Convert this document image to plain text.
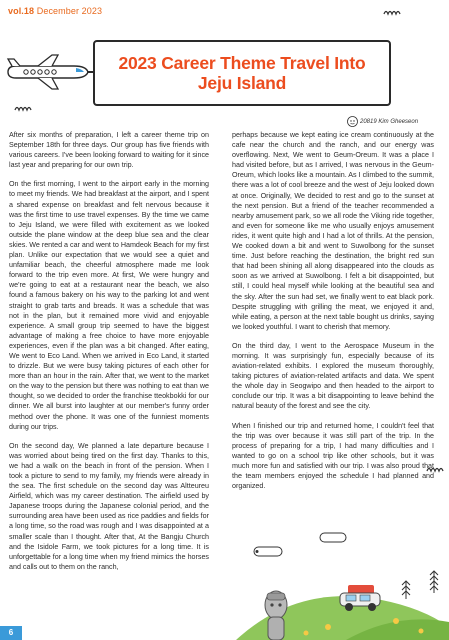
vol.18 December 2023
2023 Career Theme Travel Into
Jeju Island
20819 Kim Gheeseon

After six months of preparation, I left a career theme trip on September 18th for three days. Our group has five friends with various careers. I've been looking forward to waiting for it since last year and preparing for our own trip.

On the first morning, I went to the airport early in the morning to meet my friends. We had breakfast at the airport, and I spent a shared expense on breakfast and felt nervous because it was the first time to use travel expenses. By the time we came to Jeju Island, we were filled with excitement as we looked outside the plane window at the deep blue sea and the clear skies. We rented a car and went to Hamdeok Beach for my first plan. Unlike our expectation that we would see a quiet and unfamiliar beach, the cheerful atmosphere made me look forward to the trip even more. At first, We were hungry and we're going to eat at a restaurant near the beach, we also found a famous bakery on his way to the parking lot and went straight to grab tarts and breads. It was a schedule that was not in the plan, but it remained more vivid and enjoyable experience. A small group trip seemed to have the biggest advantage of making a free choice to have more enjoyable experiences, even if the plan was a bit changed. After eating, We went to Eco Land. When we arrived in Eco Land, it started to drizzle. But we were busy taking pictures of each other for more than an hour in the rain. After that, we went to the market on the way to the pension but there was nothing to eat than we thought, so we decided to order the franchise tteokbokki for our dinner. We all burst into laughter at our member's funny order method over the phone. It was one of the funniest moments during our trips.

On the second day, We planned a late departure because I was worried about being tired on the first day. Thanks to this, we had a walk on the beach in front of the pension. When I took a picture to send to my family, my friends were already in the sea. The first schedule on the second day was Altteureu Airfield, which was my career destination. The airfield used by Japanese troops during the Japanese colonial period, and the surrounding area have been used as rice paddies and fields for a long time, so the road was rough and I was disappointed at a smaller scale than I thought. After that, At the Bangju Church and the Isidole Farm, we took pictures for a long time. It is unforgettable for a long time when my friend mimics the horses and calls out to them on the ranch,

perhaps because we kept eating ice cream continuously at the cafe near the church and the ranch, and our energy was overflowing. Next, We went to Geum-Oreum. It was a place I had visited before, but as I arrived, I was nervous in the Geum-Oreum, which looks like a mountain. As I climbed to the summit, there was a lot of cool breeze and the west of Jeju looked down at once. Originally, We decided to rest and go to the sunset at the next pension. But a friend of the teacher recommended a nearby amusement park, so we all rode the Viking ride together, and even for someone like me who usually enjoys amusement rides, it went quite high and I had a lot of thrills. At the pension, We cooked down a bit and went to Suwolbong for the sunset time. Just before reaching the destination, the bright red sun that had been shining all along disappeared into the clouds as soon as we arrived at Suwolbong. I felt a bit disappointed, but still, I could heal myself while looking at the beautiful sea and the sky. After the sun had set, we finally went to eat black pork. Despite struggling with grilling the meat, we enjoyed it and, while eating, a person at the next table bought us drinks, saying we looked youthful. I want to cherish that memory.

On the third day, I went to the Aerospace Museum in the morning. It was surprisingly fun, especially because of its aviation-related exhibits. I explored the museum thoroughly, taking pictures of aviation-related artifacts and data. We spent the whole day in Seogwipo and then headed to the airport to conclude our trip. It was a bit disappointing to leave behind the natural beauty of the forest and see the city.

When I finished our trip and returned home, I couldn't feel that the trip was over because it was still part of the trip. In the process of preparing for a trip, I had many difficulties and I wanted to go on a school trip like other schools, but it was much more fun and satisfied with our trip. I was also proud that the team members enjoyed the schedule I had planned and organized.

6
